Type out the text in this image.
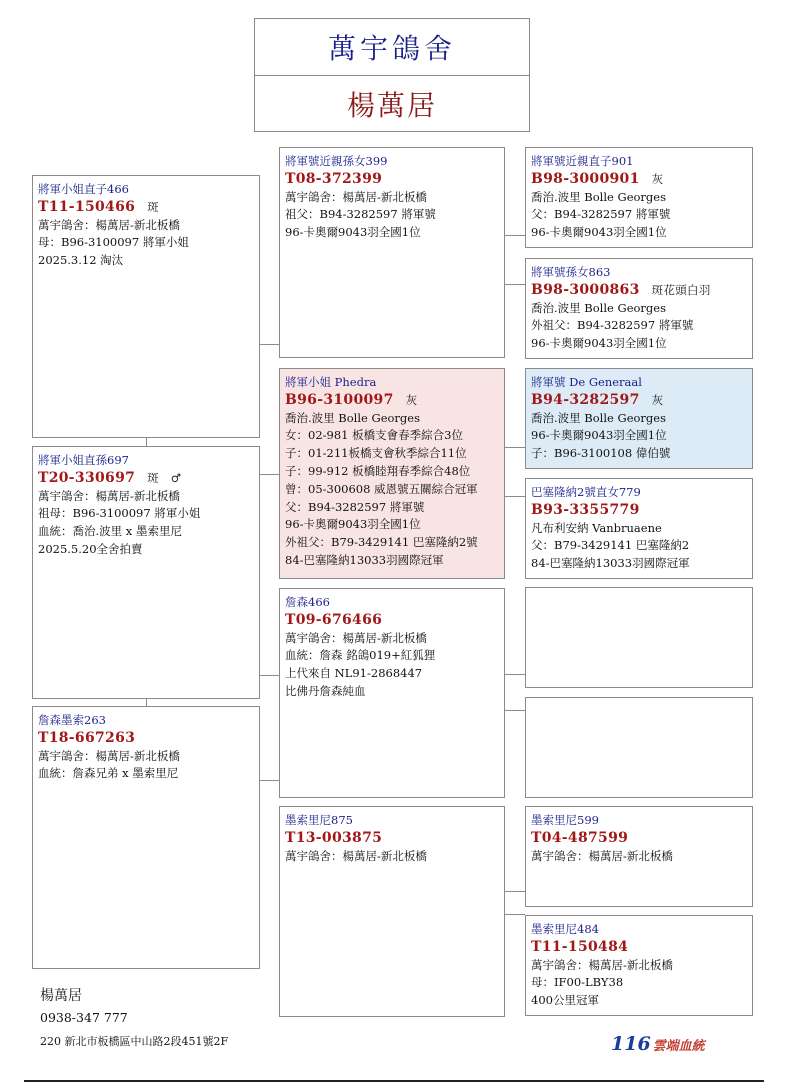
萬宇鴿舍
楊萬居
將軍小姐直子466
T11-150466 斑
萬宇鴿舍：楊萬居-新北板橋
母：B96-3100097 將軍小姐
2025.3.12 淘汰
將軍小姐直孫697
T20-330697 斑　♂
萬宇鴿舍：楊萬居-新北板橋
祖母：B96-3100097 將軍小姐
血統：喬治.波里 x 墨索里尼
2025.5.20全舍拍賣
詹森墨索263
T18-667263
萬宇鴿舍：楊萬居-新北板橋
血統：詹森兄弟 x 墨索里尼
將軍號近親孫女399
T08-372399
萬宇鴿舍：楊萬居-新北板橋
祖父：B94-3282597 將軍號
96-卡奧爾9043羽全國1位
將軍小姐 Phedra
B96-3100097 灰
喬治.波里 Bolle Georges
女：02-981 板橋支會春季綜合3位
子：01-211板橋支會秋季綜合11位
子：99-912 板橋睦翔春季綜合48位
曾：05-300608 威恩號五關綜合冠軍
父：B94-3282597 將軍號
96-卡奧爾9043羽全國1位
外祖父：B79-3429141 巴塞隆納2號
84-巴塞隆納13033羽國際冠軍
詹森466
T09-676466
萬宇鴿舍：楊萬居-新北板橋
血統：詹森 銘鴿019+紅狐狸
上代來自 NL91-2868447
比佛丹詹森純血
墨索里尼875
T13-003875
萬宇鴿舍：楊萬居-新北板橋
將軍號近親直子901
B98-3000901 灰
喬治.波里 Bolle Georges
父：B94-3282597 將軍號
96-卡奧爾9043羽全國1位
將軍號孫女863
B98-3000863 斑花頭白羽
喬治.波里 Bolle Georges
外祖父：B94-3282597 將軍號
96-卡奧爾9043羽全國1位
將軍號 De Generaal
B94-3282597 灰
喬治.波里 Bolle Georges
96-卡奧爾9043羽全國1位
子：B96-3100108 偉伯號
巴塞隆納2號直女779
B93-3355779
凡布利安納 Vanbruaene
父：B79-3429141 巴塞隆納2
84-巴塞隆納13033羽國際冠軍
墨索里尼599
T04-487599
萬宇鴿舍：楊萬居-新北板橋
墨索里尼484
T11-150484
萬宇鴿舍：楊萬居-新北板橋
母：IF00-LBY38
400公里冠軍
楊萬居
0938-347 777
220 新北市板橋區中山路2段451號2F	116 雲端血統
